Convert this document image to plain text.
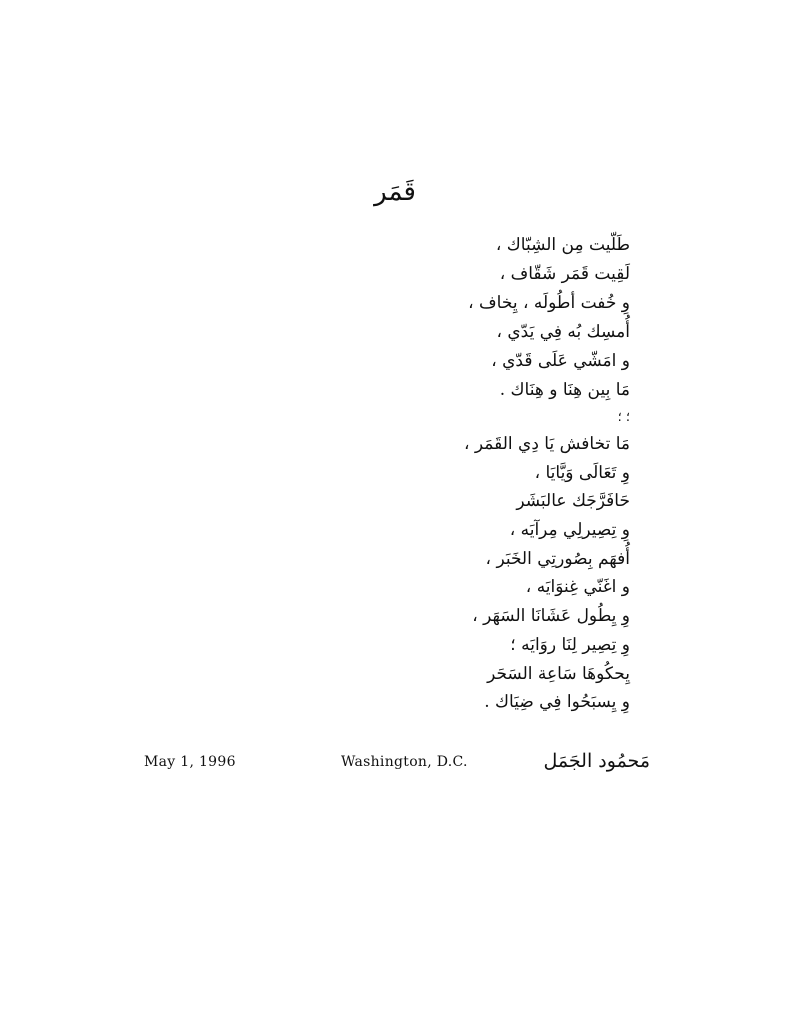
قَمَر
طَلّيت مِن الشِبّاك ،
لَقِيت قَمَر شَقّاف ،
وِ خُفت أطُولَه ، يِخاف ،
أُمسِك بُه فِي يَدّي ،
و امَشّي عَلَى قَدّي ،
مَا بِين هِنَا و هِنَاك .
؛ ؛
مَا تخافش يَا دِي القَمَر ،
وِ تَعَالَى وَيَّايَا ،
حَافَرَّجَك عالبَشَر
وِ تِصِيرلِي مِرآيَه ،
أُفهَم بِصُورتِي الخَبَر ،
و اغَنّي غِنوَايَه ،
وِ يِطُول عَشَانَا السَهَر ،
وِ تِصِير لِنَا روَايَه ؛
يِحكُوهَا سَاعِة السَحَر
وِ يِسبَحُوا فِي ضِيَاك .
May 1, 1996	Washington, D.C.	مَحمُود الجَمَل
